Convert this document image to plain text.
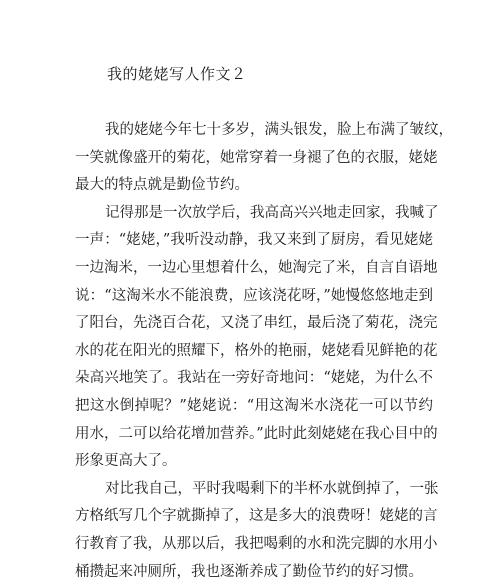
我的姥姥写人作文２
我的姥姥今年七十多岁，满头银发，脸上布满了皱纹，
一笑就像盛开的菊花，她常穿着一身褪了色的衣服，姥姥
最大的特点就是勤俭节约。
记得那是一次放学后，我高高兴兴地走回家，我喊了
一声：“姥姥，”我听没动静，我又来到了厨房，看见姥姥
一边淘米，一边心里想着什么，她淘完了米，自言自语地
说：“这淘米水不能浪费，应该浇花呀，”她慢悠悠地走到
了阳台，先浇百合花，又浇了串红，最后浇了菊花，浇完
水的花在阳光的照耀下，格外的艳丽，姥姥看见鲜艳的花
朵高兴地笑了。我站在一旁好奇地问：“姥姥，为什么不
把这水倒掉呢？”姥姥说：“用这淘米水浇花一可以节约
用水，二可以给花增加营养。”此时此刻姥姥在我心目中的
形象更高大了。
对比我自己，平时我喝剩下的半杯水就倒掉了，一张
方格纸写几个字就撕掉了，这是多大的浪费呀！姥姥的言
行教育了我，从那以后，我把喝剩的水和洗完脚的水用小
桶攒起来冲厕所，我也逐渐养成了勤俭节约的好习惯。
